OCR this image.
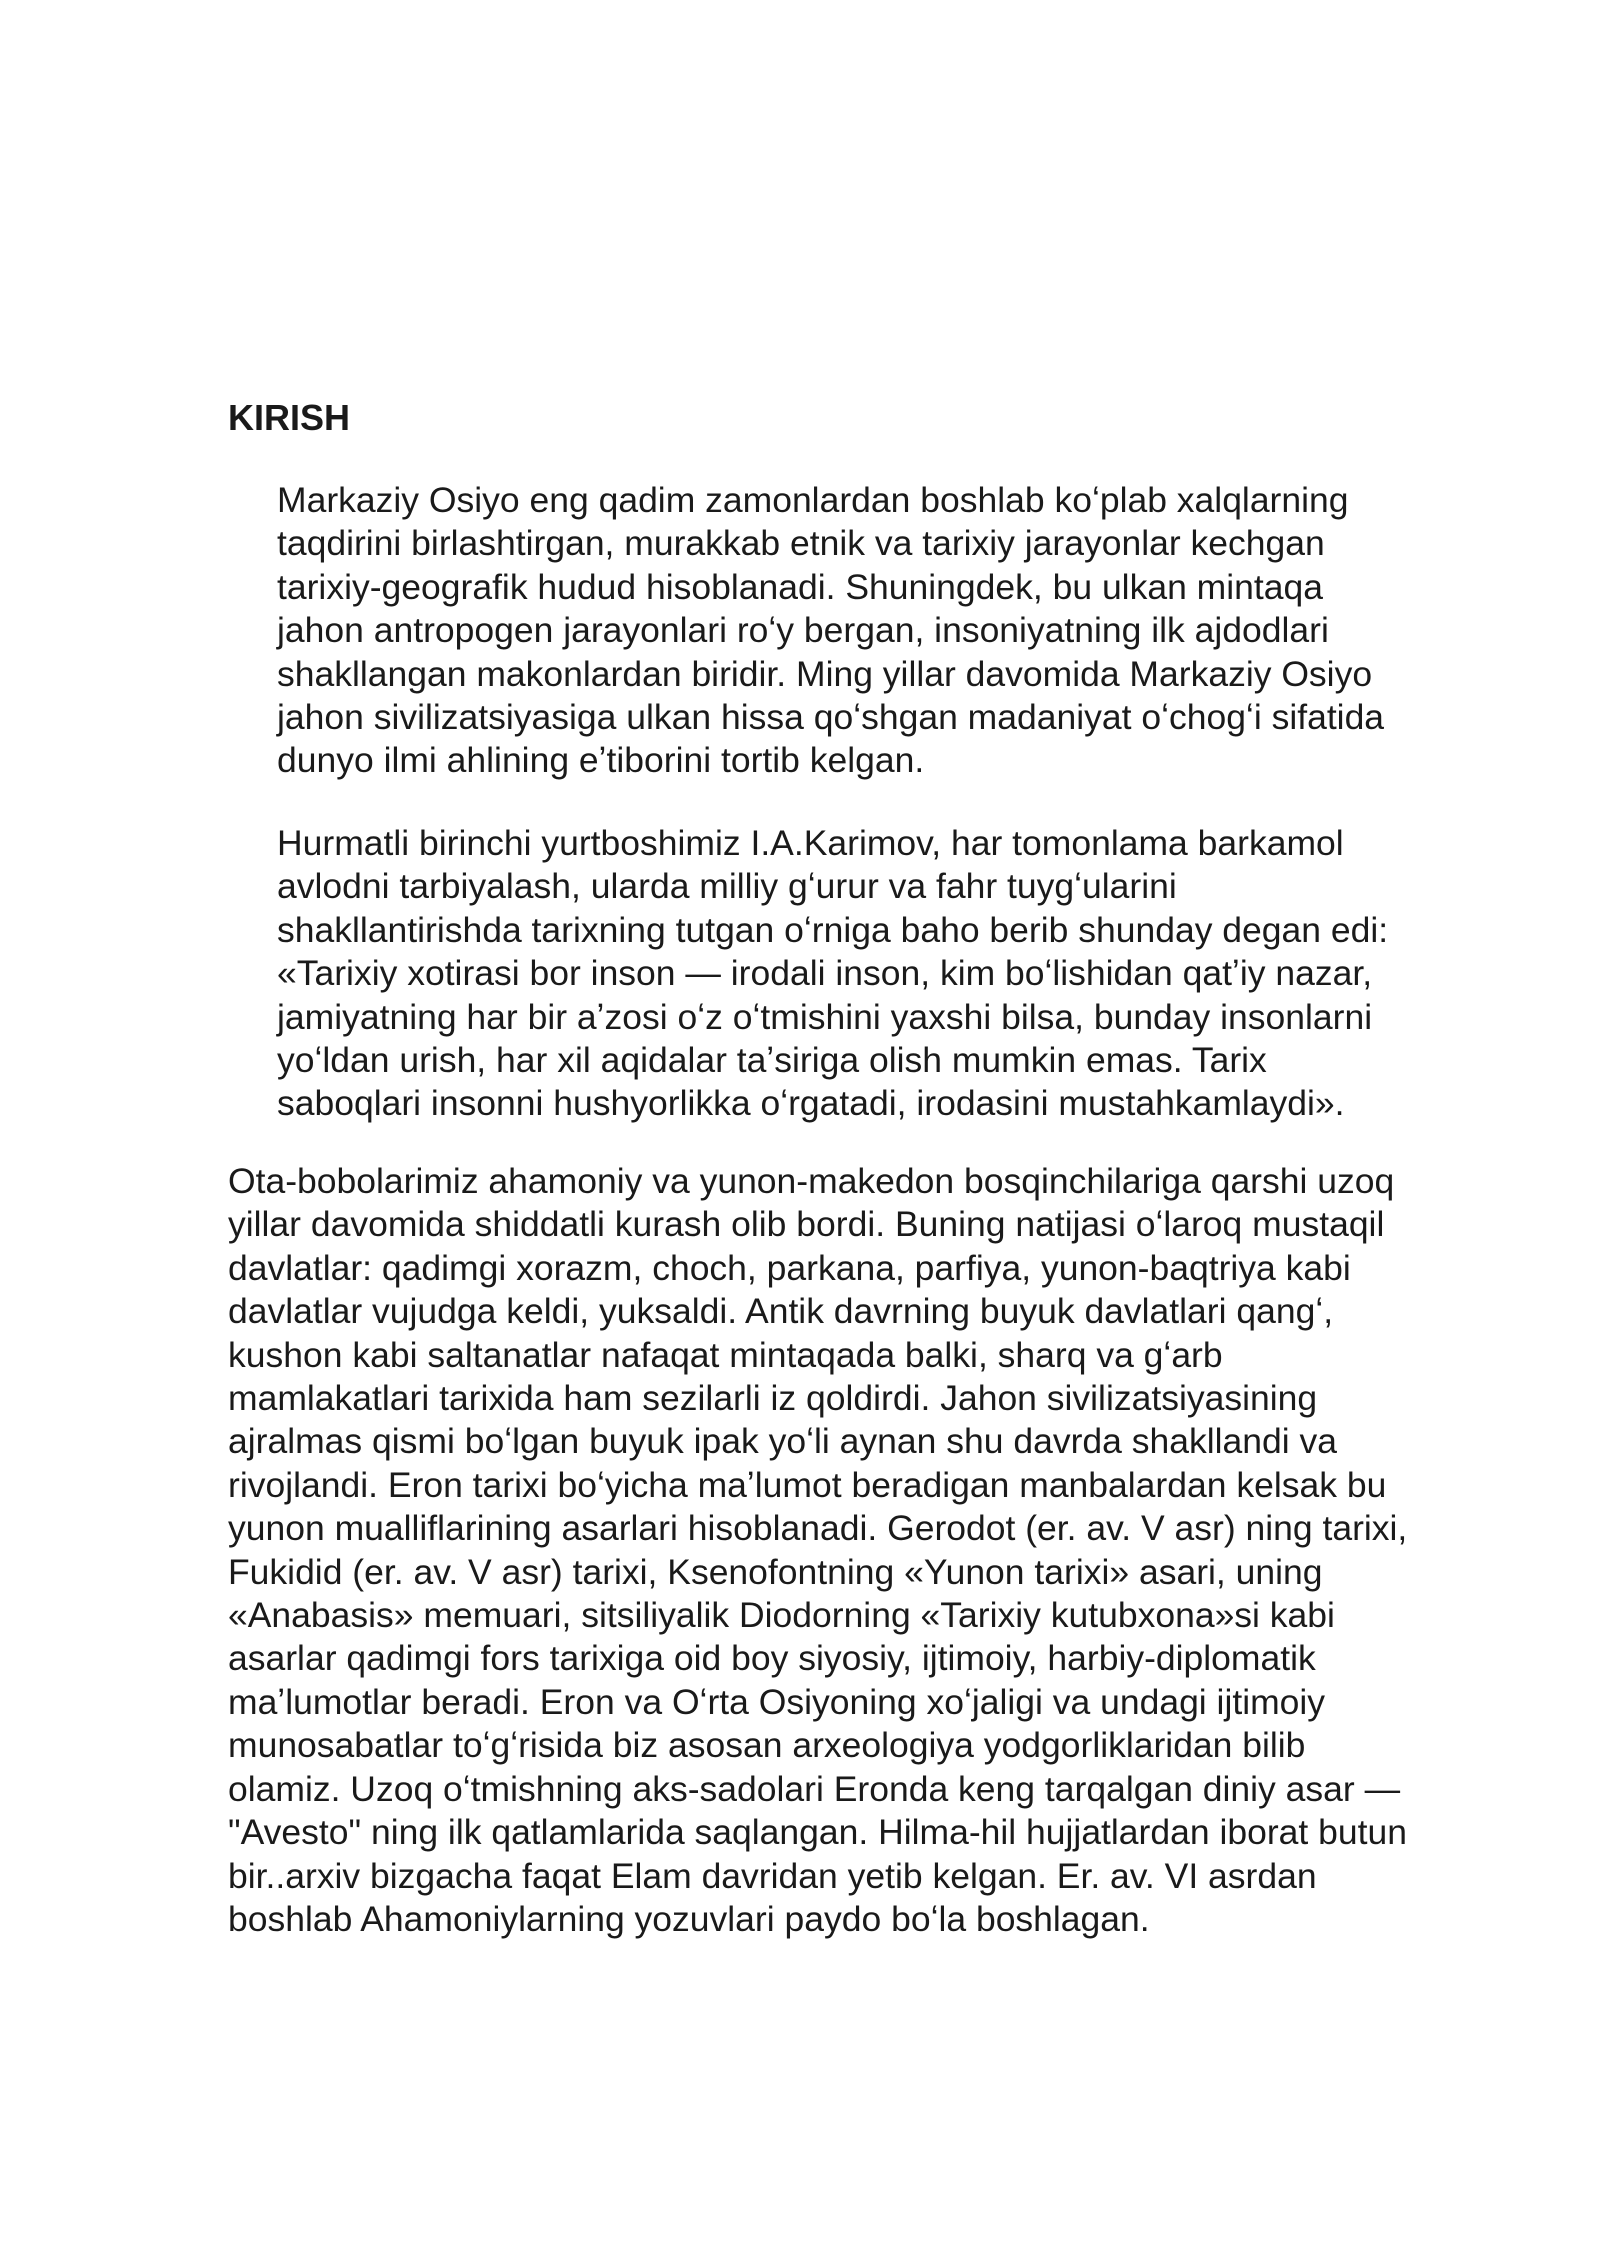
KIRISH

Markaziy Osiyo eng qadim zamonlardan boshlab koʻplab xalqlarning
taqdirini birlashtirgan, murakkab etnik va tarixiy jarayonlar kechgan
tarixiy-geografik hudud hisoblanadi. Shuningdek, bu ulkan mintaqa
jahon antropogen jarayonlari roʻy bergan, insoniyatning ilk ajdodlari
shakllangan makonlardan biridir. Ming yillar davomida Markaziy Osiyo
jahon sivilizatsiyasiga ulkan hissa qoʻshgan madaniyat oʻchogʻi sifatida
dunyo ilmi ahlining eʼtiborini tortib kelgan.

Hurmatli birinchi yurtboshimiz I.A.Karimov, har tomonlama barkamol
avlodni tarbiyalash, ularda milliy gʻurur va fahr tuygʻularini
shakllantirishda tarixning tutgan oʻrniga baho berib shunday degan edi:
«Tarixiy xotirasi bor inson — irodali inson, kim boʻlishidan qatʼiy nazar,
jamiyatning har bir aʼzosi oʻz oʻtmishini yaxshi bilsa, bunday insonlarni
yoʻldan urish, har xil aqidalar taʼsiriga olish mumkin emas. Tarix
saboqlari insonni hushyorlikka oʻrgatadi, irodasini mustahkamlaydi».

Ota-bobolarimiz ahamoniy va yunon-makedon bosqinchilariga qarshi uzoq
yillar davomida shiddatli kurash olib bordi. Buning natijasi oʻlaroq mustaqil
davlatlar: qadimgi xorazm, choch, parkana, parfiya, yunon-baqtriya kabi
davlatlar vujudga keldi, yuksaldi. Antik davrning buyuk davlatlari qangʻ,
kushon kabi saltanatlar nafaqat mintaqada balki, sharq va gʻarb
mamlakatlari tarixida ham sezilarli iz qoldirdi. Jahon sivilizatsiyasining
ajralmas qismi boʻlgan buyuk ipak yoʻli aynan shu davrda shakllandi va
rivojlandi. Eron tarixi boʻyicha maʼlumot beradigan manbalardan kelsak bu
yunon mualliflarining asarlari hisoblanadi. Gerodot (er. av. V asr) ning tarixi,
Fukidid (er. av. V asr) tarixi, Ksenofontning «Yunon tarixi» asari, uning
«Anabasis» memuari, sitsiliyalik Diodorning «Tarixiy kutubxona»si kabi
asarlar qadimgi fors tarixiga oid boy siyosiy, ijtimoiy, harbiy-diplomatik
maʼlumotlar beradi. Eron va Oʻrta Osiyoning xoʻjaligi va undagi ijtimoiy
munosabatlar toʻgʻrisida biz asosan arxeologiya yodgorliklaridan bilib
olamiz. Uzoq oʻtmishning aks-sadolari Eronda keng tarqalgan diniy asar —
"Avesto" ning ilk qatlamlarida saqlangan. Hilma-hil hujjatlardan iborat butun
bir..arxiv bizgacha faqat Elam davridan yetib kelgan. Er. av. VI asrdan
boshlab Ahamoniylarning yozuvlari paydo boʻla boshlagan.
